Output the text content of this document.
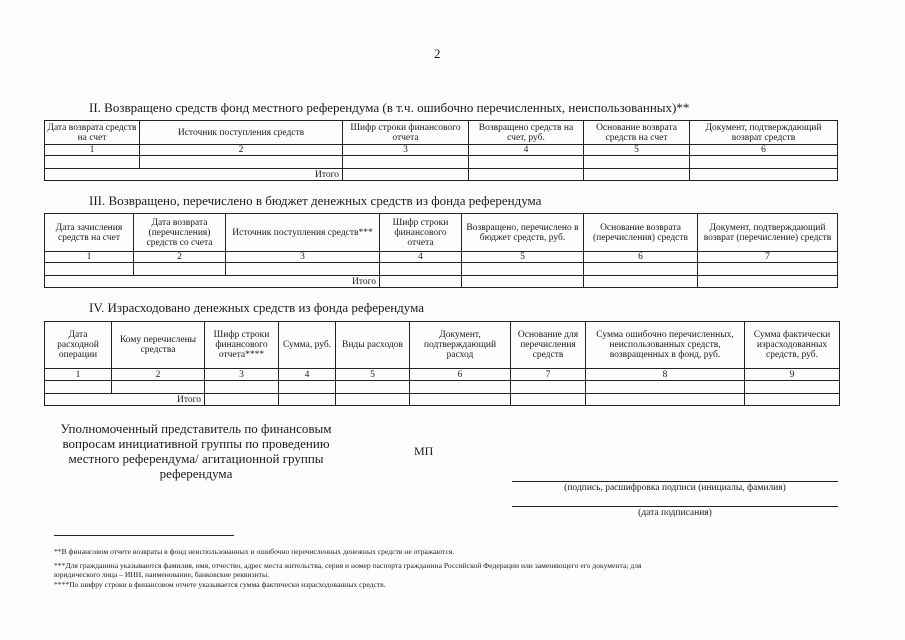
2
II. Возвращено средств фонд местного референдума (в т.ч. ошибочно перечисленных, неиспользованных)**
Дата возврата средств на счет	Источник поступления средств	Шифр строки финансового отчета	Возвращено средств на счет, руб.	Основание возврата средств на счет	Документ, подтверждающий возврат средств
1	2	3	4	5	6

Итого					
III. Возвращено, перечислено в бюджет денежных средств из фонда референдума
Дата зачисления средств на счет	Дата возврата (перечисления) средств со счета	Источник поступления средств***	Шифр строки финансового отчета	Возвращено, перечислено в бюджет средств, руб.	Основание возврата (перечисления) средств	Документ, подтверждающий возврат (перечисление) средств
1	2	3	4	5	6	7

Итого						
IV. Израсходовано денежных средств из фонда референдума
Дата расходной операции	Кому перечислены средства	Шифр строки финансового отчета****	Сумма, руб.	Виды расходов	Документ, подтверждающий расход	Основание для перечисления средств	Сумма ошибочно перечисленных, неиспользованных средств, возвращенных в фонд, руб.	Сумма фактически израсходованных средств, руб.
1	2	3	4	5	6	7	8	9

Итого								
Уполномоченный представитель по финансовым
вопросам инициативной группы по проведению
местного референдума/ агитационной группы
референдума
МП
(подпись, расшифровка подписи (инициалы, фамилия)
(дата подписания)
**В финансовом отчете возвраты в фонд неиспользованных и ошибочно перечисленных денежных средств не отражаются.
***Для гражданина указываются фамилия, имя, отчество, адрес места жительства, серия и номер паспорта гражданина Российской Федерации или заменяющего его документа; для
юридического лица – ИНН, наименование, банковские реквизиты.
****По шифру строки в финансовом отчете указывается сумма фактически израсходованных средств.
